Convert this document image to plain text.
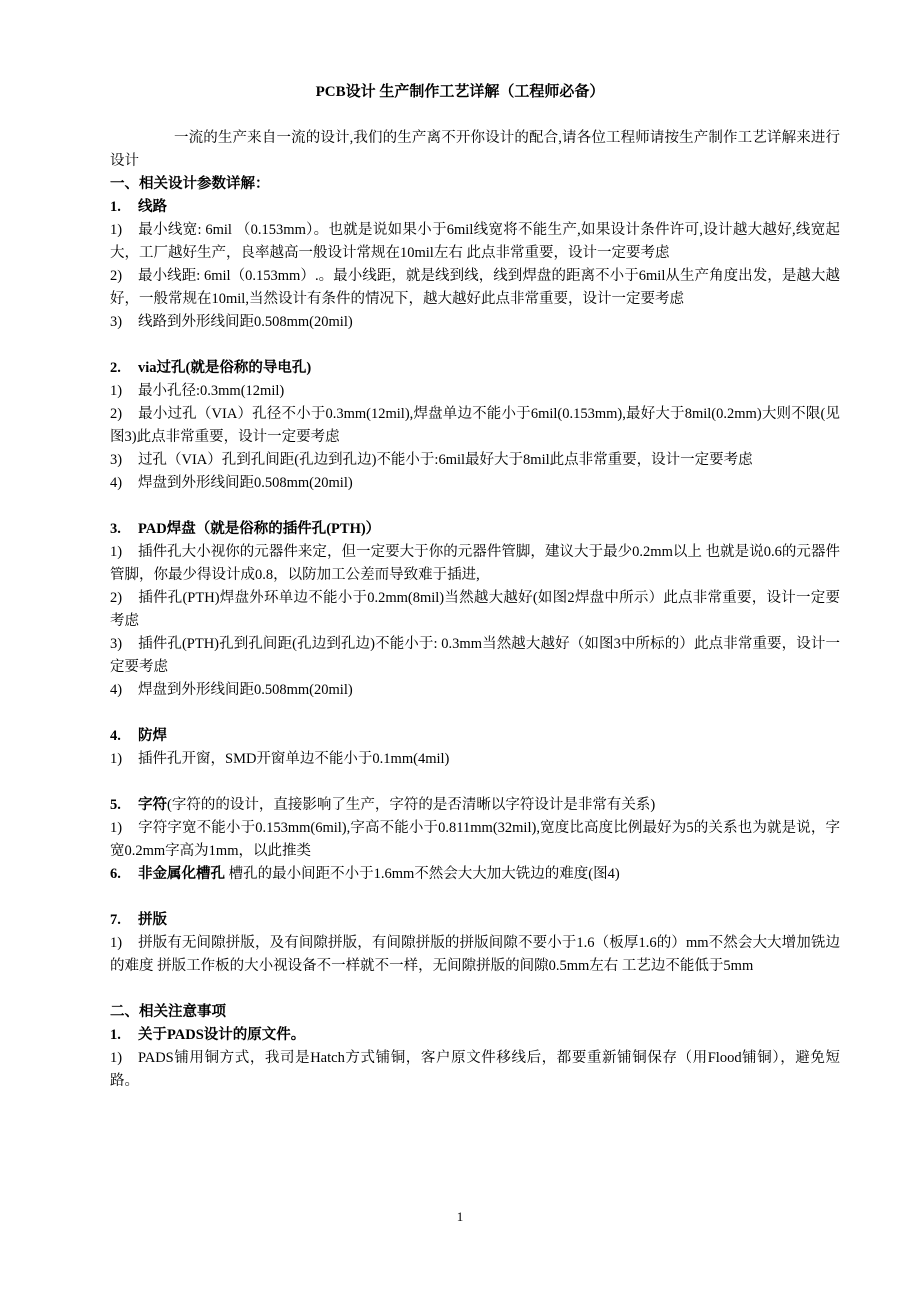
PCB设计 生产制作工艺详解（工程师必备）

一流的生产来自一流的设计,我们的生产离不开你设计的配合,请各位工程师请按生产制作工艺详解来进行设计

一、相关设计参数详解：

1. 线路

1) 最小线宽: 6mil （0.153mm）。也就是说如果小于6mil线宽将不能生产,如果设计条件许可,设计越大越好,线宽起大，工厂越好生产，良率越高一般设计常规在10mil左右 此点非常重要，设计一定要考虑

2) 最小线距: 6mil（0.153mm）.。最小线距，就是线到线，线到焊盘的距离不小于6mil从生产角度出发，是越大越好，一般常规在10mil,当然设计有条件的情况下，越大越好此点非常重要，设计一定要考虑

3) 线路到外形线间距0.508mm(20mil)

2. via过孔(就是俗称的导电孔)

1) 最小孔径:0.3mm(12mil)

2) 最小过孔（VIA）孔径不小于0.3mm(12mil),焊盘单边不能小于6mil(0.153mm),最好大于8mil(0.2mm)大则不限(见图3)此点非常重要，设计一定要考虑

3) 过孔（VIA）孔到孔间距(孔边到孔边)不能小于:6mil最好大于8mil此点非常重要，设计一定要考虑

4) 焊盘到外形线间距0.508mm(20mil)

3. PAD焊盘（就是俗称的插件孔(PTH)）

1) 插件孔大小视你的元器件来定，但一定要大于你的元器件管脚，建议大于最少0.2mm以上 也就是说0.6的元器件管脚，你最少得设计成0.8，以防加工公差而导致难于插进,

2) 插件孔(PTH)焊盘外环单边不能小于0.2mm(8mil)当然越大越好(如图2焊盘中所示）此点非常重要，设计一定要考虑

3) 插件孔(PTH)孔到孔间距(孔边到孔边)不能小于: 0.3mm当然越大越好（如图3中所标的）此点非常重要，设计一定要考虑

4) 焊盘到外形线间距0.508mm(20mil)

4. 防焊

1) 插件孔开窗，SMD开窗单边不能小于0.1mm(4mil)

5. 字符(字符的的设计，直接影响了生产，字符的是否清晰以字符设计是非常有关系)

1) 字符字宽不能小于0.153mm(6mil),字高不能小于0.811mm(32mil),宽度比高度比例最好为5的关系也为就是说，字宽0.2mm字高为1mm，以此推类

6. 非金属化槽孔 槽孔的最小间距不小于1.6mm不然会大大加大铣边的难度(图4)

7. 拼版

1) 拼版有无间隙拼版，及有间隙拼版，有间隙拼版的拼版间隙不要小于1.6（板厚1.6的）mm不然会大大增加铣边的难度 拼版工作板的大小视设备不一样就不一样，无间隙拼版的间隙0.5mm左右 工艺边不能低于5mm

二、相关注意事项

1. 关于PADS设计的原文件。

1) PADS铺用铜方式，我司是Hatch方式铺铜，客户原文件移线后，都要重新铺铜保存（用Flood铺铜），避免短路。

1
